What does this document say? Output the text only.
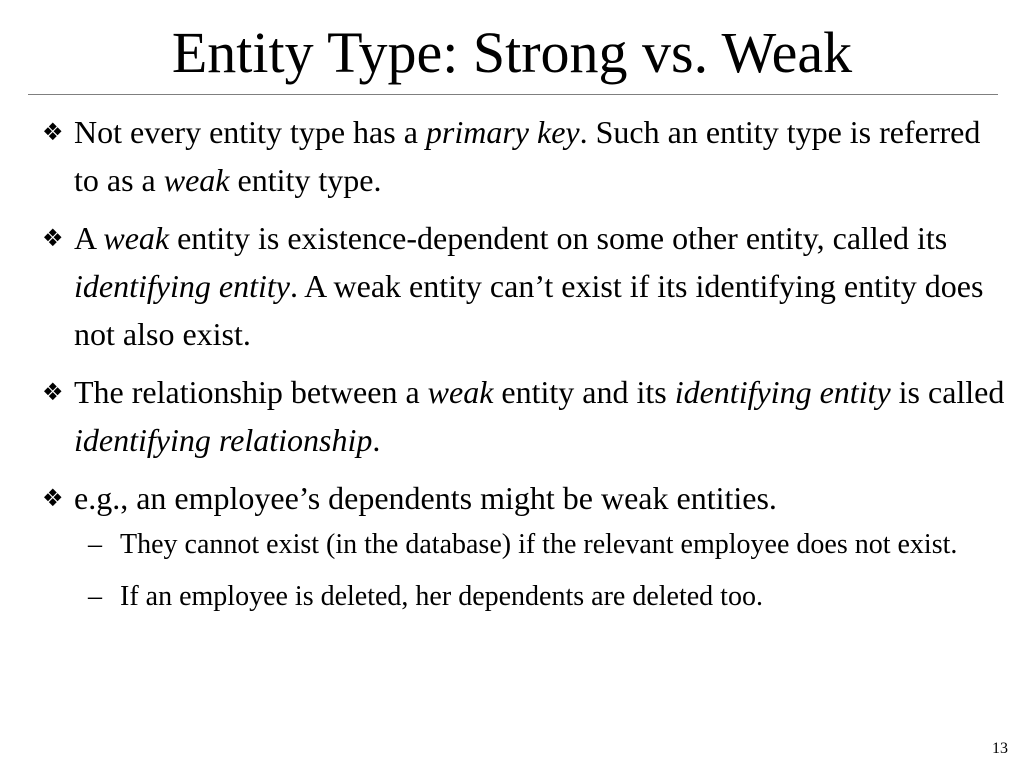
Entity Type: Strong vs. Weak
❖ Not every entity type has a primary key. Such an entity type is referred to as a weak entity type.
❖ A weak entity is existence-dependent on some other entity, called its identifying entity. A weak entity can’t exist if its identifying entity does not also exist.
❖ The relationship between a weak entity and its identifying entity is called identifying relationship.
❖ e.g., an employee’s dependents might be weak entities.
– They cannot exist (in the database) if the relevant employee does not exist.
– If an employee is deleted, her dependents are deleted too.
13
